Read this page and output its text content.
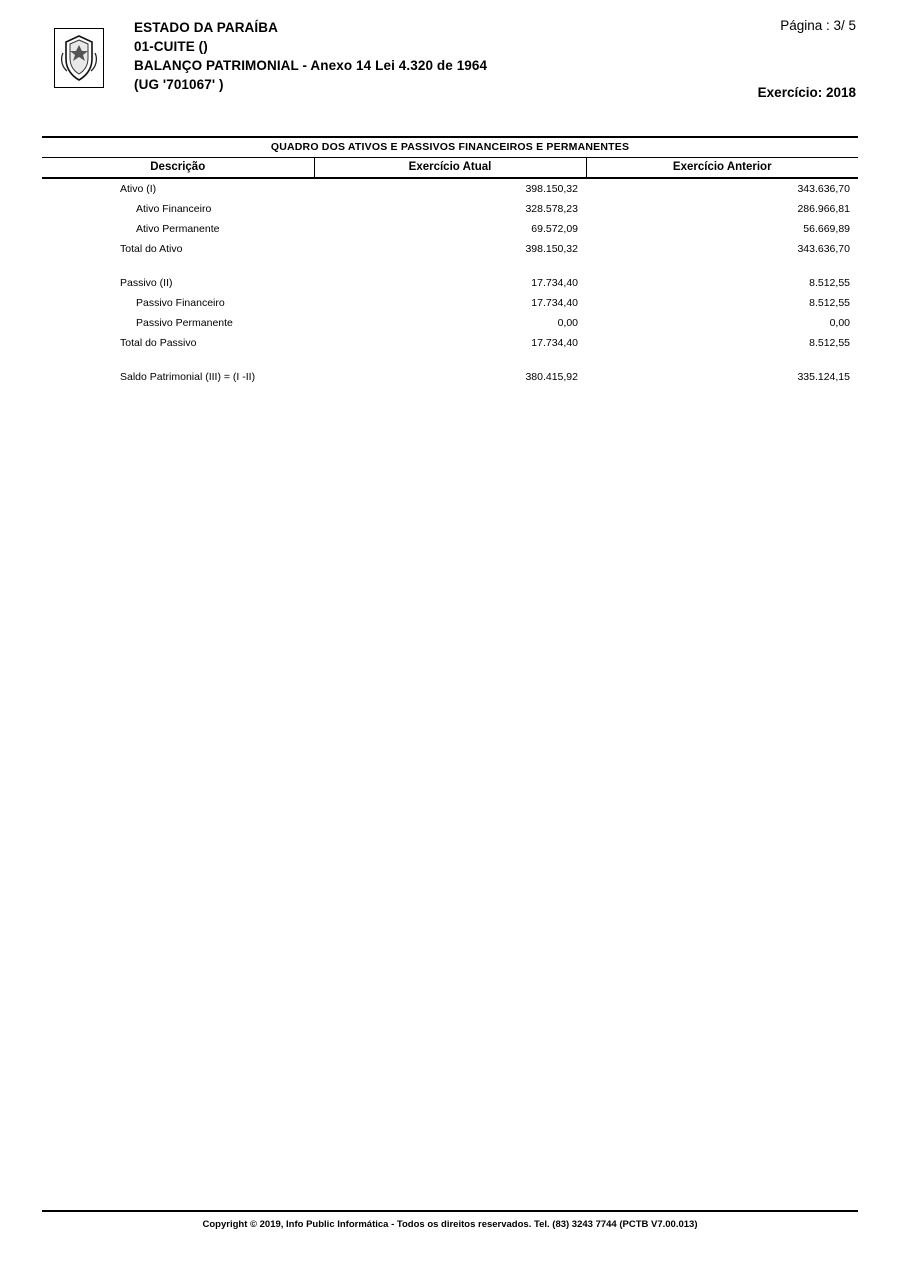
ESTADO DA PARAÍBA
01-CUITE ()
BALANÇO PATRIMONIAL - Anexo 14 Lei 4.320 de 1964
(UG '701067' )
Página : 3/ 5
Exercício: 2018
QUADRO DOS ATIVOS E PASSIVOS FINANCEIROS E PERMANENTES		
Descrição	Exercício Atual	Exercício Anterior
Ativo (I)	398.150,32	343.636,70
Ativo Financeiro	328.578,23	286.966,81
Ativo Permanente	69.572,09	56.669,89
Total do Ativo	398.150,32	343.636,70

Passivo (II)	17.734,40	8.512,55
Passivo Financeiro	17.734,40	8.512,55
Passivo Permanente	0,00	0,00
Total do Passivo	17.734,40	8.512,55

Saldo Patrimonial (III) = (I -II)	380.415,92	335.124,15
Copyright © 2019, Info Public Informática - Todos os direitos reservados. Tel. (83) 3243 7744 (PCTB V7.00.013)
